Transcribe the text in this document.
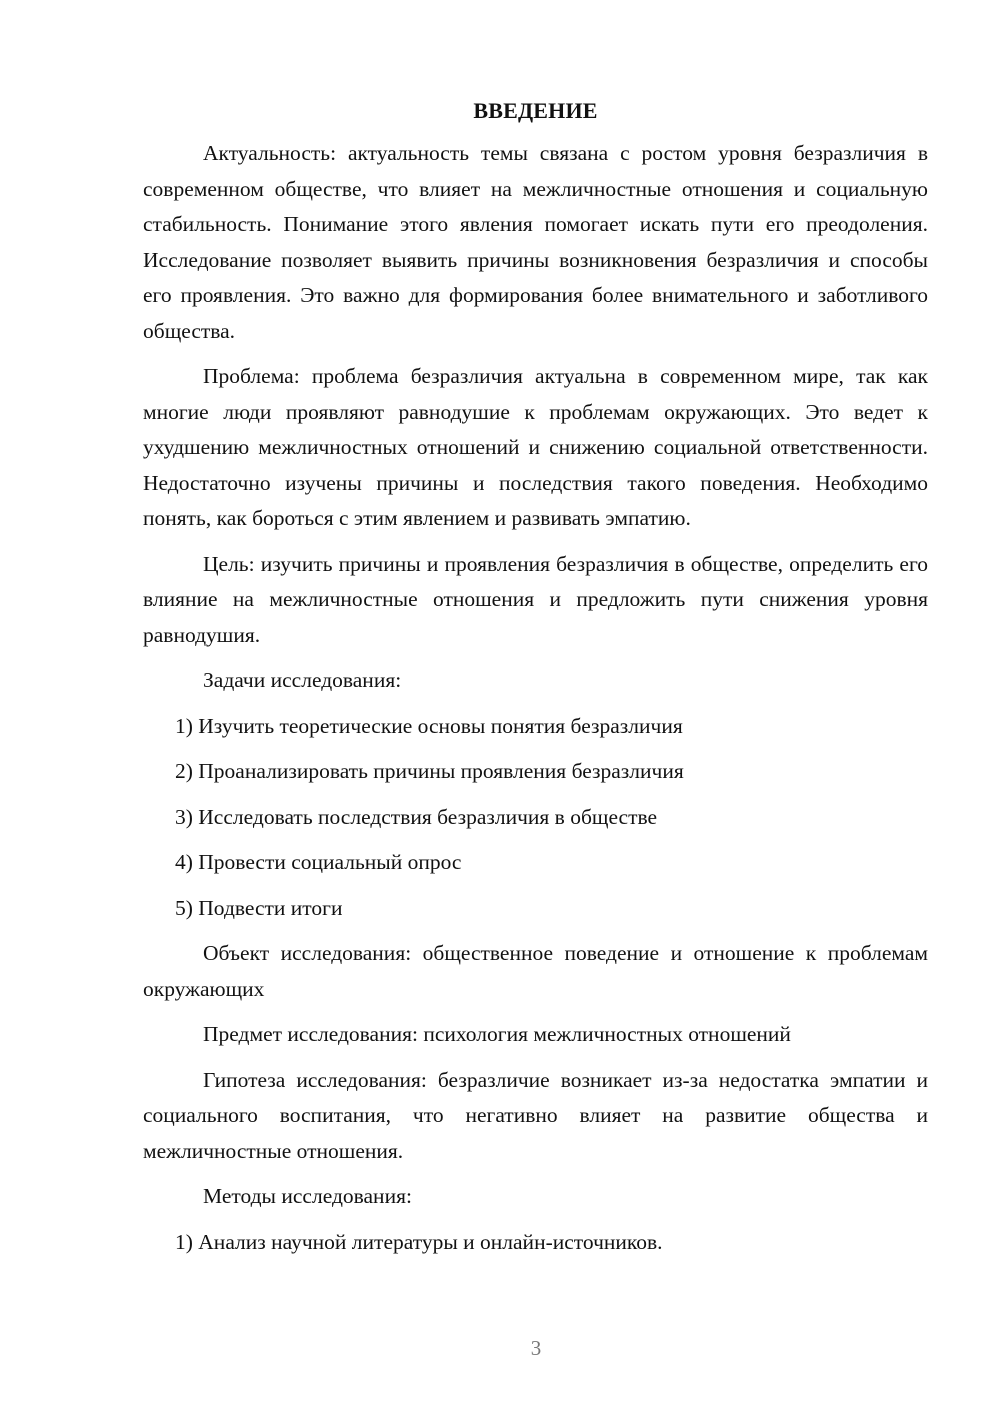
ВВЕДЕНИЕ

Актуальность: актуальность темы связана с ростом уровня безразличия в современном обществе, что влияет на межличностные отношения и социальную стабильность. Понимание этого явления помогает искать пути его преодоления. Исследование позволяет выявить причины возникновения безразличия и способы его проявления. Это важно для формирования более внимательного и заботливого общества.

Проблема: проблема безразличия актуальна в современном мире, так как многие люди проявляют равнодушие к проблемам окружающих. Это ведет к ухудшению межличностных отношений и снижению социальной ответственности. Недостаточно изучены причины и последствия такого поведения. Необходимо понять, как бороться с этим явлением и развивать эмпатию.

Цель: изучить причины и проявления безразличия в обществе, определить его влияние на межличностные отношения и предложить пути снижения уровня равнодушия.

Задачи исследования:

1) Изучить теоретические основы понятия безразличия

2) Проанализировать причины проявления безразличия

3) Исследовать последствия безразличия в обществе

4) Провести социальный опрос

5) Подвести итоги

Объект исследования: общественное поведение и отношение к проблемам окружающих

Предмет исследования: психология межличностных отношений

Гипотеза исследования: безразличие возникает из-за недостатка эмпатии и социального воспитания, что негативно влияет на развитие общества и межличностные отношения.

Методы исследования:

1) Анализ научной литературы и онлайн-источников.

3
